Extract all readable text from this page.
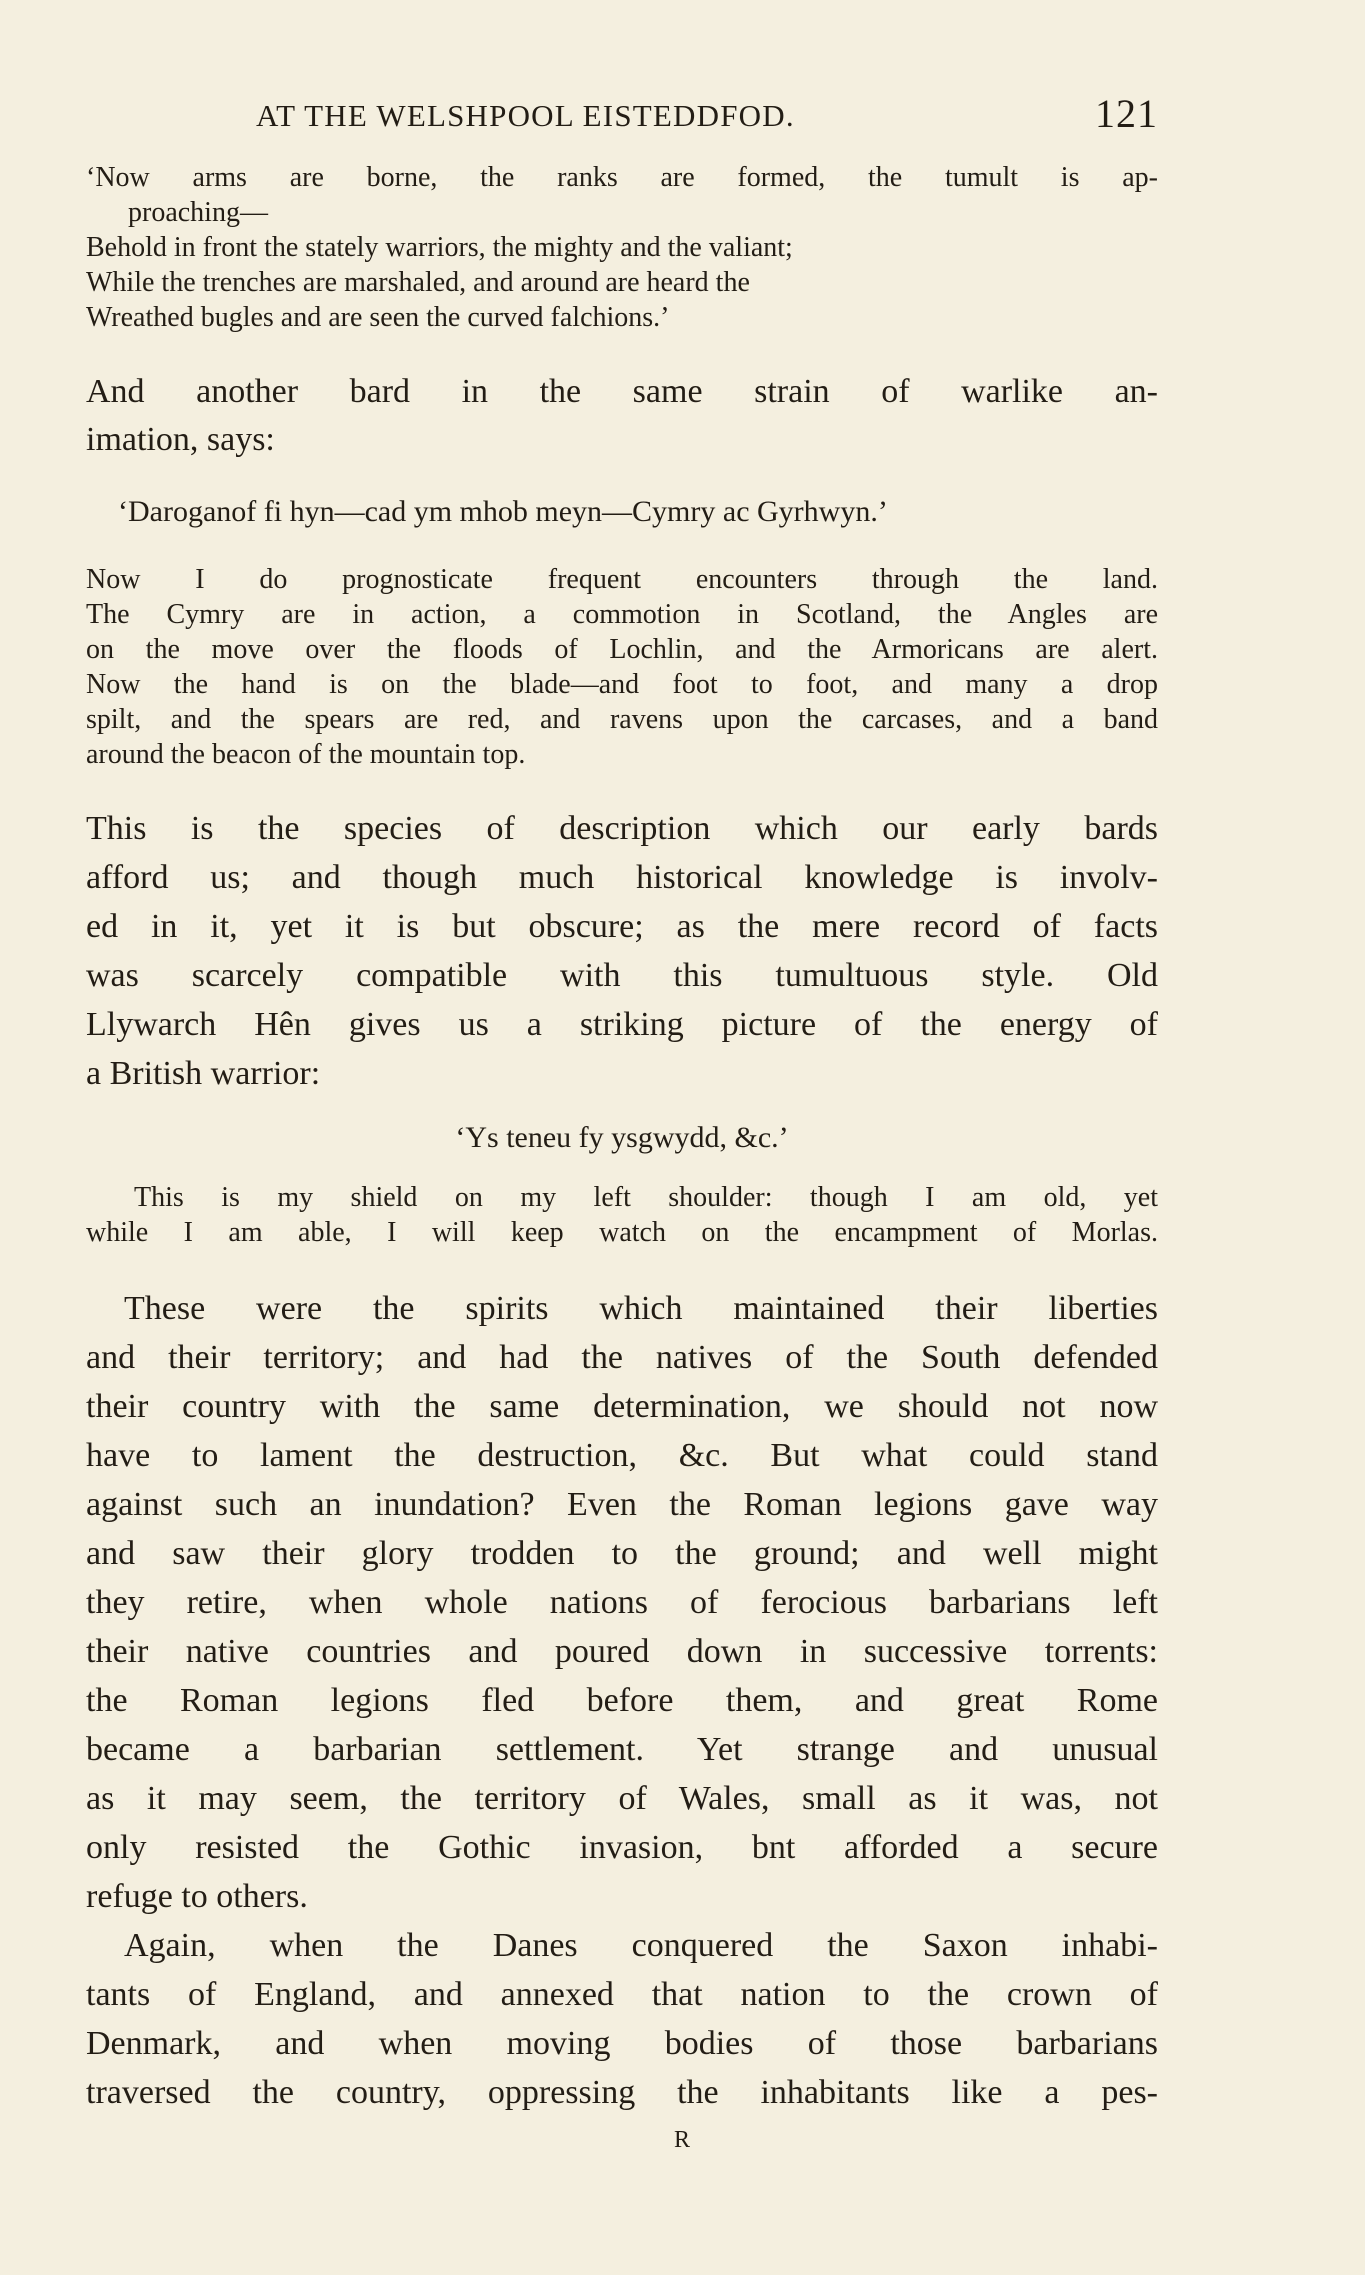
AT THE WELSHPOOL EISTEDDFOD.	121

‘Now arms are borne, the ranks are formed, the tumult is ap-

proaching—

Behold in front the stately warriors, the mighty and the valiant;

While the trenches are marshaled, and around are heard the

Wreathed bugles and are seen the curved falchions.’

And another bard in the same strain of warlike an-

imation, says:

‘Daroganof fi hyn—cad ym mhob meyn—Cymry ac Gyrhwyn.’

Now I do prognosticate frequent encounters through the land.

The Cymry are in action, a commotion in Scotland, the Angles are

on the move over the floods of Lochlin, and the Armoricans are alert.

Now the hand is on the blade—and foot to foot, and many a drop

spilt, and the spears are red, and ravens upon the carcases, and a band

around the beacon of the mountain top.

This is the species of description which our early bards

afford us; and though much historical knowledge is involv-

ed in it, yet it is but obscure; as the mere record of facts

was scarcely compatible with this tumultuous style. Old

Llywarch Hên gives us a striking picture of the energy of

a British warrior:

‘Ys teneu fy ysgwydd, &c.’

This is my shield on my left shoulder: though I am old, yet

while I am able, I will keep watch on the encampment of Morlas.

These were the spirits which maintained their liberties

and their territory; and had the natives of the South defended

their country with the same determination, we should not now

have to lament the destruction, &c. But what could stand

against such an inundation? Even the Roman legions gave way

and saw their glory trodden to the ground; and well might

they retire, when whole nations of ferocious barbarians left

their native countries and poured down in successive torrents:

the Roman legions fled before them, and great Rome

became a barbarian settlement. Yet strange and unusual

as it may seem, the territory of Wales, small as it was, not

only resisted the Gothic invasion, bnt afforded a secure

refuge to others.

Again, when the Danes conquered the Saxon inhabi-

tants of England, and annexed that nation to the crown of

Denmark, and when moving bodies of those barbarians

traversed the country, oppressing the inhabitants like a pes-

R
